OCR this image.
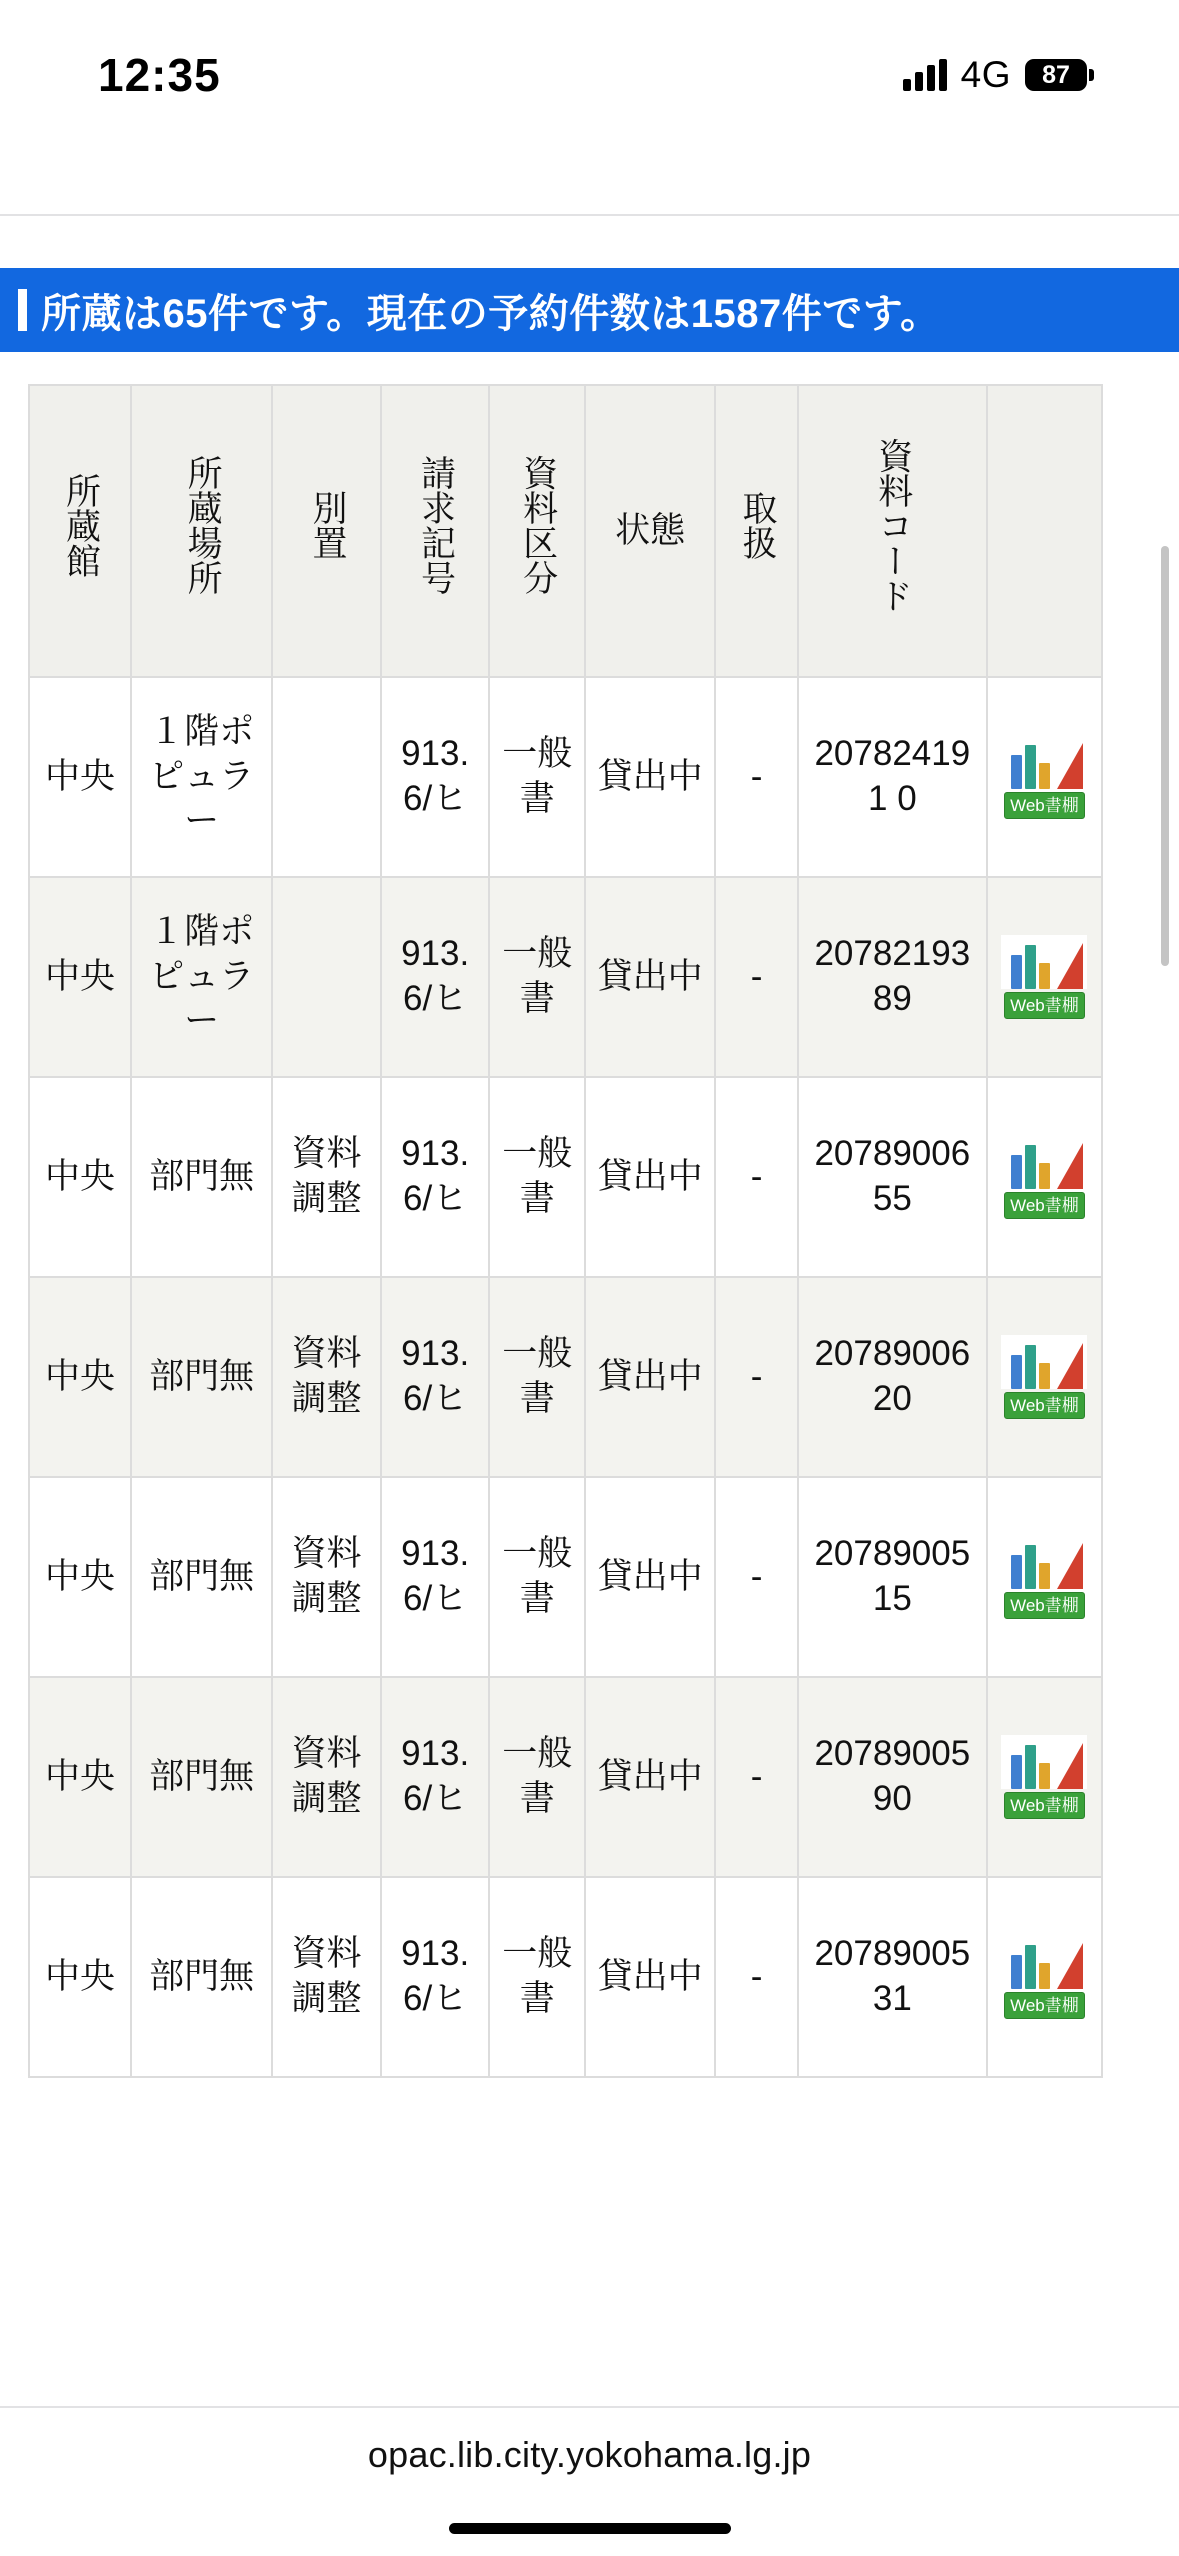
12:35	4G 87
所蔵は65件です。現在の予約件数は1587件です。
所蔵館	所蔵場所	別置	請求記号	資料区分	状態	取扱	資料コード	
中央	１階ポピュラー		913.6/ヒ	一般書	貸出中	-	207824191 0	Web書棚

中央	１階ポピュラー		913.6/ヒ	一般書	貸出中	-	2078219389	Web書棚

中央	部門無	資料調整	913.6/ヒ	一般書	貸出中	-	2078900655	Web書棚

中央	部門無	資料調整	913.6/ヒ	一般書	貸出中	-	2078900620	Web書棚

中央	部門無	資料調整	913.6/ヒ	一般書	貸出中	-	2078900515	Web書棚

中央	部門無	資料調整	913.6/ヒ	一般書	貸出中	-	2078900590	Web書棚

中央	部門無	資料調整	913.6/ヒ	一般書	貸出中	-	2078900531	Web書棚
opac.lib.city.yokohama.lg.jp
